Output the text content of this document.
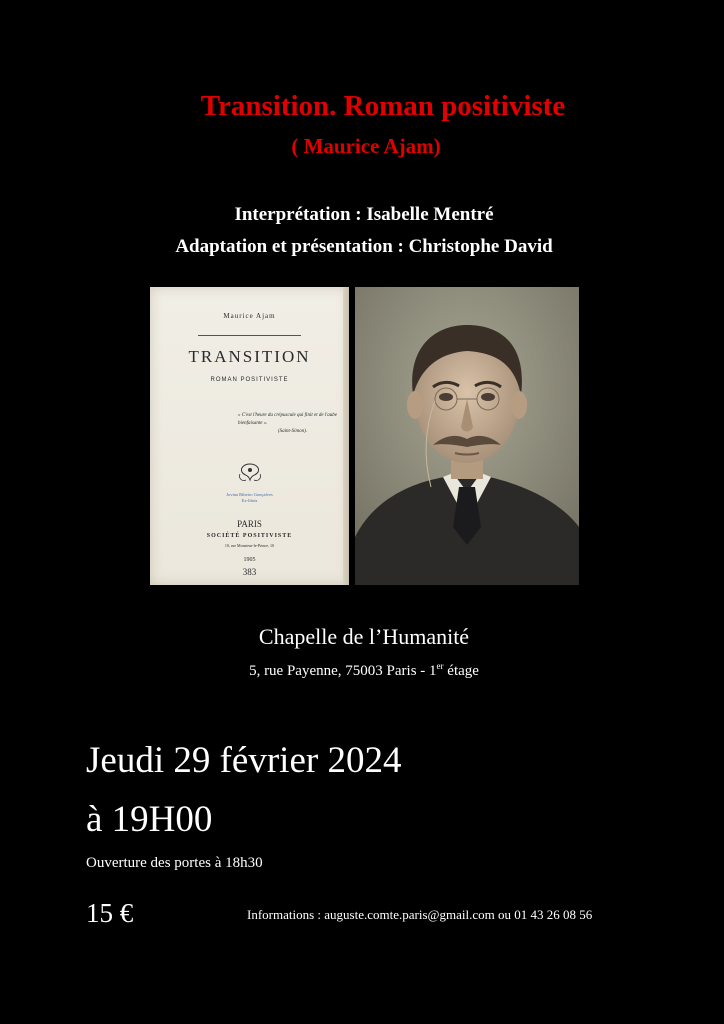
Transition. Roman positiviste
( Maurice Ajam)
Interprétation : Isabelle Mentré
Adaptation et présentation : Christophe David
Maurice Ajam
TRANSITION
ROMAN POSITIVISTE
« C'est l'heure du crépuscule qui finit et de l'aube bienfaisante ».
(Saint-Simon).
Jovina Ribeiro Gonçalves
Ex-libris
PARIS
SOCIÉTÉ POSITIVISTE
10, rue Monsieur-le-Prince, 10
1905
383
Chapelle de l’Humanité
5, rue Payenne, 75003 Paris - 1er étage
Jeudi 29 février 2024
à 19H00
Ouverture des portes à 18h30
15 €	Informations : auguste.comte.paris@gmail.com ou 01 43 26 08 56
